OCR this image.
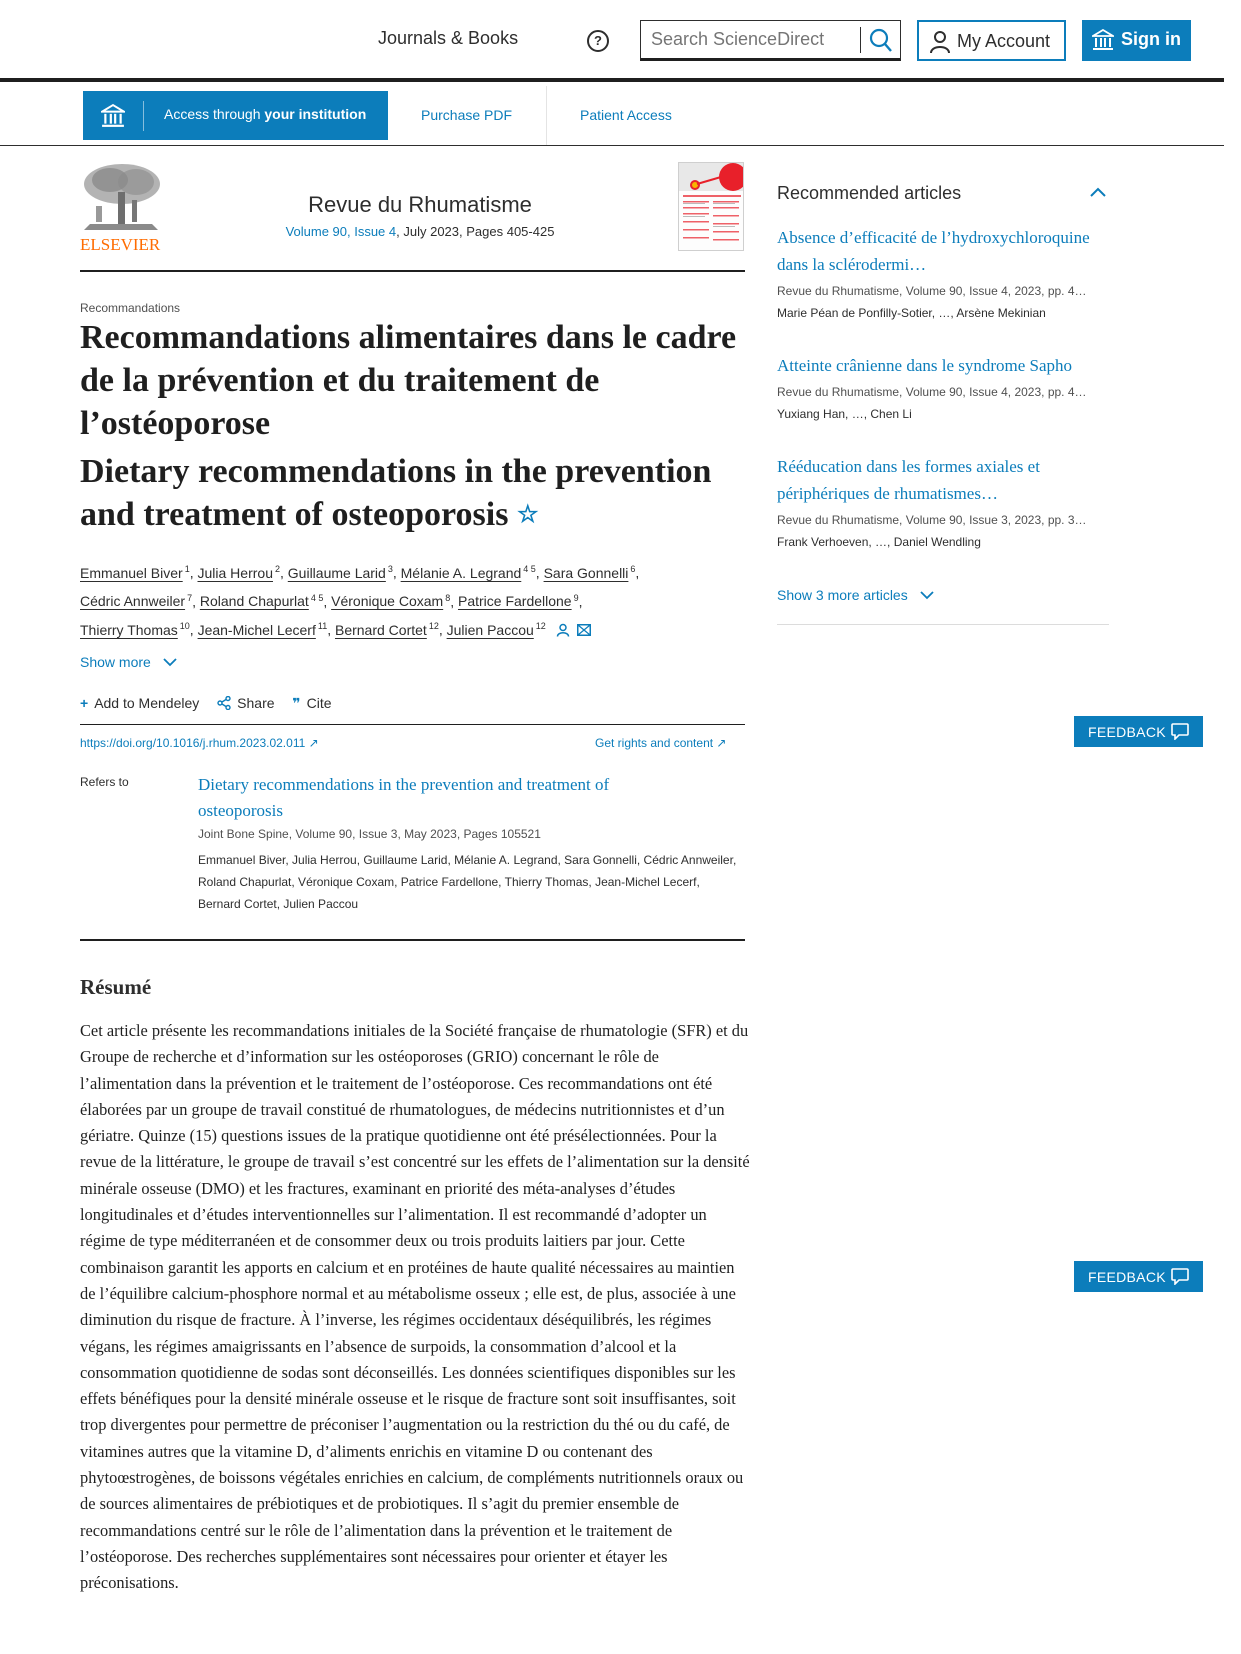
Journals & Books	?
Search ScienceDirect	My Account	Sign in
Access through your institution	Purchase PDF	Patient Access
ELSEVIER
Revue du Rhumatisme
Volume 90, Issue 4, July 2023, Pages 405-425
Recommandations
Recommandations alimentaires dans le cadre de la prévention et du traitement de l’ostéoporose
Dietary recommendations in the prevention and treatment of osteoporosis ☆
Emmanuel Biver $^1$, Julia Herrou $^2$, Guillaume Larid $^3$, Mélanie A. Legrand $^{4 5}$, Sara Gonnelli $^6$,
Cédric Annweiler $^7$, Roland Chapurlat $^{4 5}$, Véronique Coxam $^8$, Patrice Fardellone $^9$,
Thierry Thomas $^{10}$, Jean-Michel Lecerf $^{11}$, Bernard Cortet $^{12}$, Julien Paccou $^{12}$
Show more
+ Add to Mendeley	Share ❞ Cite
https://doi.org/10.1016/j.rhum.2023.02.011 ↗	Get rights and content ↗
Refers to	Dietary recommendations in the prevention and treatment of osteoporosis
Joint Bone Spine, Volume 90, Issue 3, May 2023, Pages 105521
Emmanuel Biver, Julia Herrou, Guillaume Larid, Mélanie A. Legrand, Sara Gonnelli, Cédric Annweiler, Roland Chapurlat, Véronique Coxam, Patrice Fardellone, Thierry Thomas, Jean-Michel Lecerf, Bernard Cortet, Julien Paccou
Résumé

Cet article présente les recommandations initiales de la Société française de rhumatologie (SFR) et du Groupe de recherche et d’information sur les ostéoporoses (GRIO) concernant le rôle de l’alimentation dans la prévention et le traitement de l’ostéoporose. Ces recommandations ont été élaborées par un groupe de travail constitué de rhumatologues, de médecins nutritionnistes et d’un gériatre. Quinze (15) questions issues de la pratique quotidienne ont été présélectionnées. Pour la revue de la littérature, le groupe de travail s’est concentré sur les effets de l’alimentation sur la densité minérale osseuse (DMO) et les fractures, examinant en priorité des méta-analyses d’études longitudinales et d’études interventionnelles sur l’alimentation. Il est recommandé d’adopter un régime de type méditerranéen et de consommer deux ou trois produits laitiers par jour. Cette combinaison garantit les apports en calcium et en protéines de haute qualité nécessaires au maintien de l’équilibre calcium-phosphore normal et au métabolisme osseux ; elle est, de plus, associée à une diminution du risque de fracture. À l’inverse, les régimes occidentaux déséquilibrés, les régimes végans, les régimes amaigrissants en l’absence de surpoids, la consommation d’alcool et la consommation quotidienne de sodas sont déconseillés. Les données scientifiques disponibles sur les effets bénéfiques pour la densité minérale osseuse et le risque de fracture sont soit insuffisantes, soit trop divergentes pour permettre de préconiser l’augmentation ou la restriction du thé ou du café, de vitamines autres que la vitamine D, d’aliments enrichis en vitamine D ou contenant des phytoœstrogènes, de boissons végétales enrichies en calcium, de compléments nutritionnels oraux ou de sources alimentaires de prébiotiques et de probiotiques. Il s’agit du premier ensemble de recommandations centré sur le rôle de l’alimentation dans la prévention et le traitement de l’ostéoporose. Des recherches supplémentaires sont nécessaires pour orienter et étayer les préconisations.

Recommended articles
Absence d’efficacité de l’hydroxychloroquine dans la sclérodermi…
Revue du Rhumatisme, Volume 90, Issue 4, 2023, pp. 4…
Marie Péan de Ponfilly-Sotier, …, Arsène Mekinian
Atteinte crânienne dans le syndrome Sapho
Revue du Rhumatisme, Volume 90, Issue 4, 2023, pp. 4…
Yuxiang Han, …, Chen Li
Rééducation dans les formes axiales et périphériques de rhumatismes…
Revue du Rhumatisme, Volume 90, Issue 3, 2023, pp. 3…
Frank Verhoeven, …, Daniel Wendling
Show 3 more articles
FEEDBACK
FEEDBACK
